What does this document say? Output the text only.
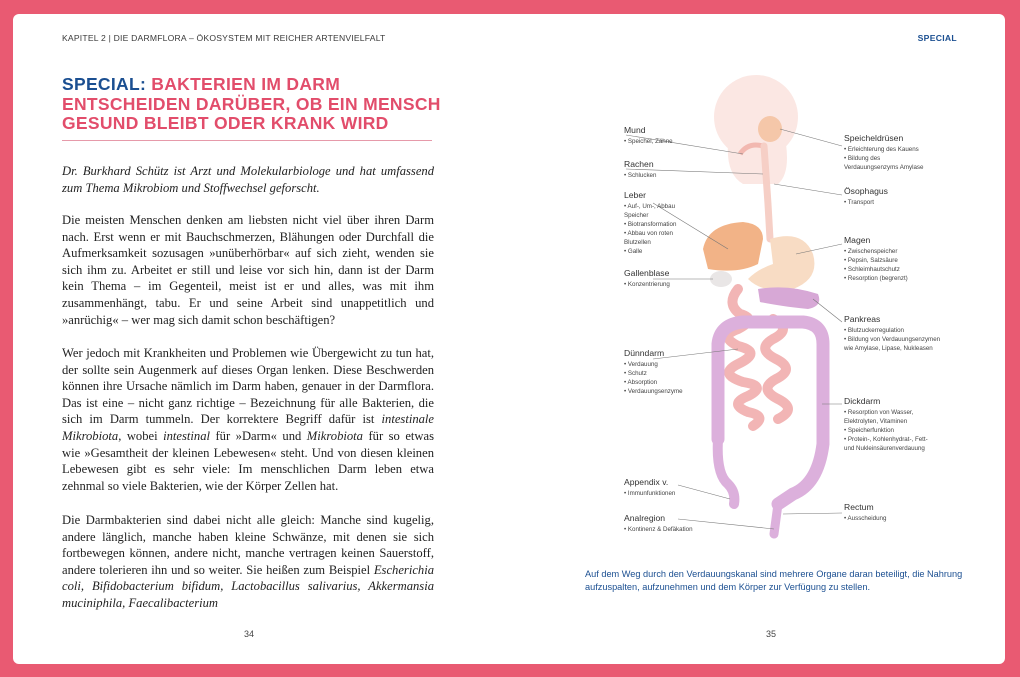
KAPITEL 2 | DIE DARMFLORA – ÖKOSYSTEM MIT REICHER ARTENVIELFALT	SPECIAL
SPECIAL: BAKTERIEN IM DARM
ENTSCHEIDEN DARÜBER, OB EIN MENSCH
GESUND BLEIBT ODER KRANK WIRD

Dr. Burkhard Schütz ist Arzt und Molekularbiologe und hat umfassend zum Thema Mikrobiom und Stoffwechsel geforscht.

Die meisten Menschen denken am liebsten nicht viel über ihren Darm nach. Erst wenn er mit Bauchschmerzen, Blähungen oder Durchfall die Aufmerksamkeit sozusagen »unüberhörbar« auf sich zieht, wenden sie sich ihm zu. Arbeitet er still und leise vor sich hin, dann ist der Darm kein Thema – im Gegenteil, meist ist er und alles, was mit ihm zusammenhängt, tabu. Er und seine Arbeit sind unappetitlich und »anrüchig« – wer mag sich damit schon beschäftigen?

Wer jedoch mit Krankheiten und Problemen wie Übergewicht zu tun hat, der sollte sein Augenmerk auf dieses Organ lenken. Diese Beschwerden können ihre Ursache nämlich im Darm haben, genauer in der Darmflora. Das ist eine – nicht ganz richtige – Bezeichnung für alle Bakterien, die sich im Darm tummeln. Der korrektere Begriff dafür ist intestinale Mikrobiota, wobei intestinal für »Darm« und Mikrobiota für so etwas wie »Gesamtheit der kleinen Lebewesen« steht. Und von diesen kleinen Lebewesen gibt es sehr viele: Im menschlichen Darm leben etwa zehnmal so viele Bakterien, wie der Körper Zellen hat.

Die Darmbakterien sind dabei nicht alle gleich: Manche sind kugelig, andere länglich, manche haben kleine Schwänze, mit denen sie sich fortbewegen können, andere nicht, manche vertragen keinen Sauerstoff, andere tolerieren ihn und so weiter. Sie heißen zum Beispiel Escherichia coli, Bifidobacterium bifidum, Lactobacillus salivarius, Akkermansia muciniphila, Faecalibacterium

34	35
Mund
• Speichel, Zähne
Rachen
• Schlucken
Leber
• Auf-, Um-, Abbau
Speicher
• Biotransformation
• Abbau von roten
Blutzellen
• Galle
Gallenblase
• Konzentrierung
Dünndarm
• Verdauung
• Schutz
• Absorption
• Verdauungsenzyme
Appendix v.
• Immunfunktionen
Analregion
• Kontinenz & Defäkation
Speicheldrüsen
• Erleichterung des Kauens
• Bildung des
Verdauungsenzyms Amylase
Ösophagus
• Transport
Magen
• Zwischenspeicher
• Pepsin, Salzsäure
• Schleimhautschutz
• Resorption (begrenzt)
Pankreas
• Blutzuckerregulation
• Bildung von Verdauungsenzymen
wie Amylase, Lipase, Nukleasen
Dickdarm
• Resorption von Wasser,
Elektrolyten, Vitaminen
• Speicherfunktion
• Protein-, Kohlenhydrat-, Fett-
und Nukleinsäurenverdauung
Rectum
• Ausscheidung
Auf dem Weg durch den Verdauungskanal sind mehrere Organe daran beteiligt, die Nahrung aufzuspalten, aufzunehmen und dem Körper zur Verfügung zu stellen.
